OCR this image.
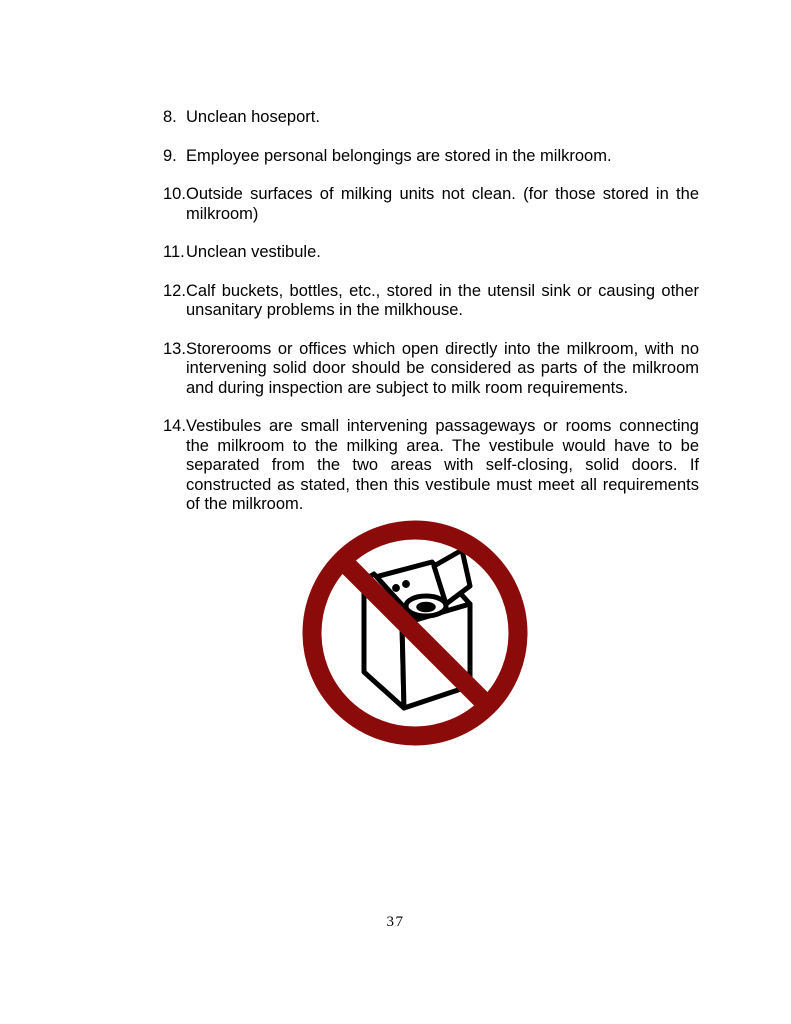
8. Unclean hoseport.
9. Employee personal belongings are stored in the milkroom.
10. Outside surfaces of milking units not clean. (for those stored in the milkroom)
11. Unclean vestibule.
12. Calf buckets, bottles, etc., stored in the utensil sink or causing other unsanitary problems in the milkhouse.
13. Storerooms or offices which open directly into the milkroom, with no intervening solid door should be considered as parts of the milkroom and during inspection are subject to milk room requirements.
14. Vestibules are small intervening passageways or rooms connecting the milkroom to the milking area. The vestibule would have to be separated from the two areas with self-closing, solid doors. If constructed as stated, then this vestibule must meet all requirements of the milkroom.
37
